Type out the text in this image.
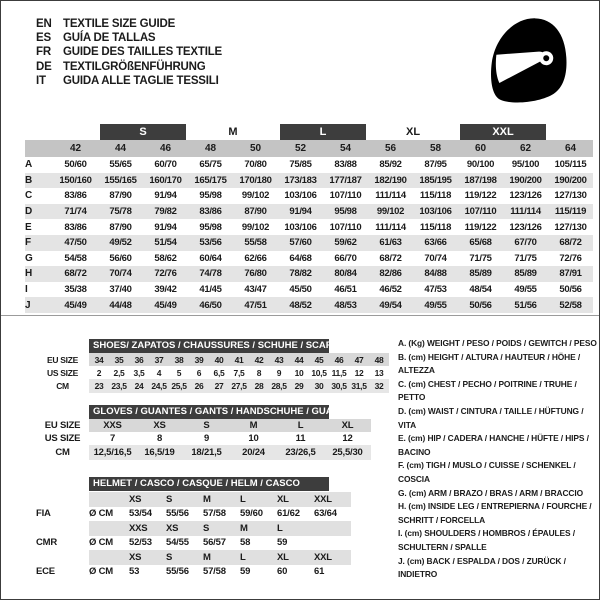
EN TEXTILE SIZE GUIDE
ES	GUÍA DE TALLAS
FR	GUIDE DES TAILLES TEXTILE
DE TEXTILGRÖßENFÜHRUNG
IT	GUIDA ALLE TAGLIE TESSILI

		S		M		L		XL		XXL		

	42	44	46	48	50	52	54	56	58	60	62	64
A	50/60	55/65	60/70	65/75	70/80	75/85	83/88	85/92	87/95	90/100	95/100	105/115
B	150/160	155/165	160/170	165/175	170/180	173/183	177/187	182/190	185/195	187/198	190/200	190/200
C	83/86	87/90	91/94	95/98	99/102	103/106	107/110	111/114	115/118	119/122	123/126	127/130
D	71/74	75/78	79/82	83/86	87/90	91/94	95/98	99/102	103/106	107/110	111/114	115/119
E	83/86	87/90	91/94	95/98	99/102	103/106	107/110	111/114	115/118	119/122	123/126	127/130
F	47/50	49/52	51/54	53/56	55/58	57/60	59/62	61/63	63/66	65/68	67/70	68/72
G	54/58	56/60	58/62	60/64	62/66	64/68	66/70	68/72	70/74	71/75	71/75	72/76
H	68/72	70/74	72/76	74/78	76/80	78/82	80/84	82/86	84/88	85/89	85/89	87/91
I	35/38	37/40	39/42	41/45	43/47	45/50	46/51	46/52	47/53	48/54	49/55	50/56
J	45/49	44/48	45/49	46/50	47/51	48/52	48/53	49/54	49/55	50/56	51/56	52/58
SHOES/ ZAPATOS / CHAUSSURES / SCHUHE / SCARPE
EU SIZE	34	35	36	37	38	39	40	41	42	43	44	45	46	47	48
US SIZE	2	2,5	3,5	4	5	6	6,5	7,5	8	9	10	10,5	11,5	12	13
CM	23	23,5	24	24,5	25,5	26	27	27,5	28	28,5	29	30	30,5	31,5	32
GLOVES / GUANTES / GANTS / HANDSCHUHE / GUANTI
EU SIZE	XXS	XS	S	M	L	XL
US SIZE	7	8	9	10	11	12
CM	12,5/16,5	16,5/19	18/21,5	20/24	23/26,5	25,5/30
HELMET / CASCO / CASQUE / HELM / CASCO
		XS	S	M	L	XL	XXL
FIA	Ø CM	53/54	55/56	57/58	59/60	61/62	63/64
		XXS	XS	S	M	L	
CMR	Ø CM	52/53	54/55	56/57	58	59	
		XS	S	M	L	XL	XXL
ECE	Ø CM	53	55/56	57/58	59	60	61
A. (Kg) WEIGHT / PESO / POIDS / GEWITCH / PESO
B. (cm) HEIGHT / ALTURA / HAUTEUR / HÖHE / ALTEZZA
C. (cm) CHEST / PECHO / POITRINE / TRUHE / PETTO
D. (cm) WAIST / CINTURA / TAILLE / HÜFTUNG / VITA
E. (cm) HIP / CADERA / HANCHE / HÜFTE / HIPS / BACINO
F. (cm) TIGH / MUSLO / CUISSE / SCHENKEL / COSCIA
G. (cm) ARM / BRAZO / BRAS / ARM / BRACCIO
H. (cm) INSIDE LEG / ENTREPIERNA / FOURCHE / SCHRITT / FORCELLA
I. (cm) SHOULDERS / HOMBROS / ÉPAULES / SCHULTERN / SPALLE
J. (cm) BACK / ESPALDA / DOS / ZURÜCK / INDIETRO
